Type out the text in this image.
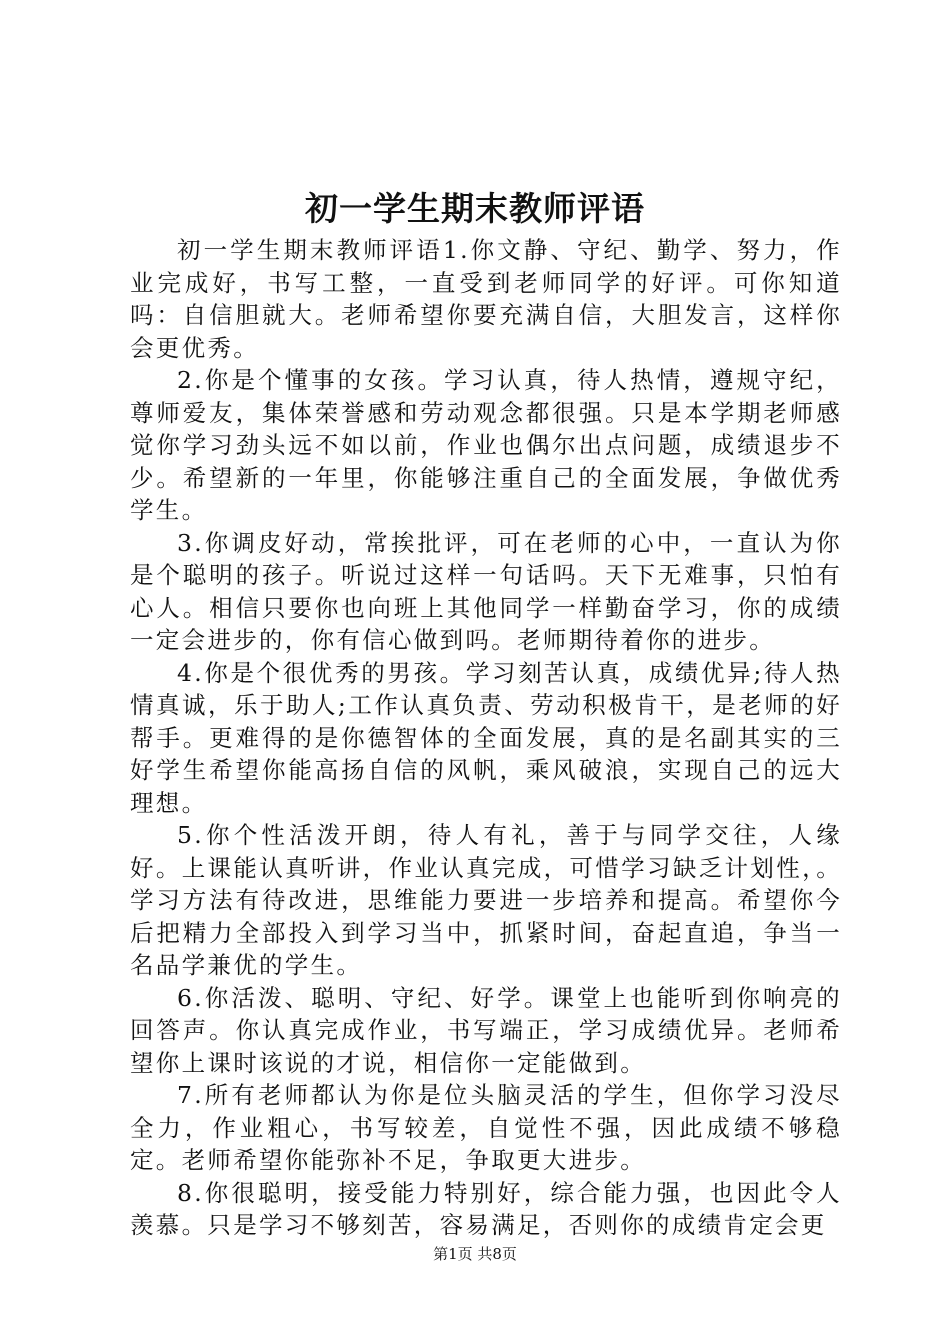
初一学生期末教师评语

初一学生期末教师评语1.你文静、守纪、勤学、努力，作业完成好，书写工整，一直受到老师同学的好评。可你知道吗：自信胆就大。老师希望你要充满自信，大胆发言，这样你会更优秀。

2.你是个懂事的女孩。学习认真，待人热情，遵规守纪，尊师爱友，集体荣誉感和劳动观念都很强。只是本学期老师感觉你学习劲头远不如以前，作业也偶尔出点问题，成绩退步不少。希望新的一年里，你能够注重自己的全面发展，争做优秀学生。

3.你调皮好动，常挨批评，可在老师的心中，一直认为你是个聪明的孩子。听说过这样一句话吗。天下无难事，只怕有心人。相信只要你也向班上其他同学一样勤奋学习，你的成绩一定会进步的，你有信心做到吗。老师期待着你的进步。

4.你是个很优秀的男孩。学习刻苦认真，成绩优异;待人热情真诚，乐于助人;工作认真负责、劳动积极肯干，是老师的好帮手。更难得的是你德智体的全面发展，真的是名副其实的三好学生希望你能高扬自信的风帆，乘风破浪，实现自己的远大理想。

5.你个性活泼开朗，待人有礼，善于与同学交往，人缘好。上课能认真听讲，作业认真完成，可惜学习缺乏计划性，。学习方法有待改进，思维能力要进一步培养和提高。希望你今后把精力全部投入到学习当中，抓紧时间，奋起直追，争当一名品学兼优的学生。

6.你活泼、聪明、守纪、好学。课堂上也能听到你响亮的回答声。你认真完成作业，书写端正，学习成绩优异。老师希望你上课时该说的才说，相信你一定能做到。

7.所有老师都认为你是位头脑灵活的学生，但你学习没尽全力，作业粗心，书写较差，自觉性不强，因此成绩不够稳定。老师希望你能弥补不足，争取更大进步。

8.你很聪明，接受能力特别好，综合能力强，也因此令人羡慕。只是学习不够刻苦，容易满足，否则你的成绩肯定会更

第1页 共8页
